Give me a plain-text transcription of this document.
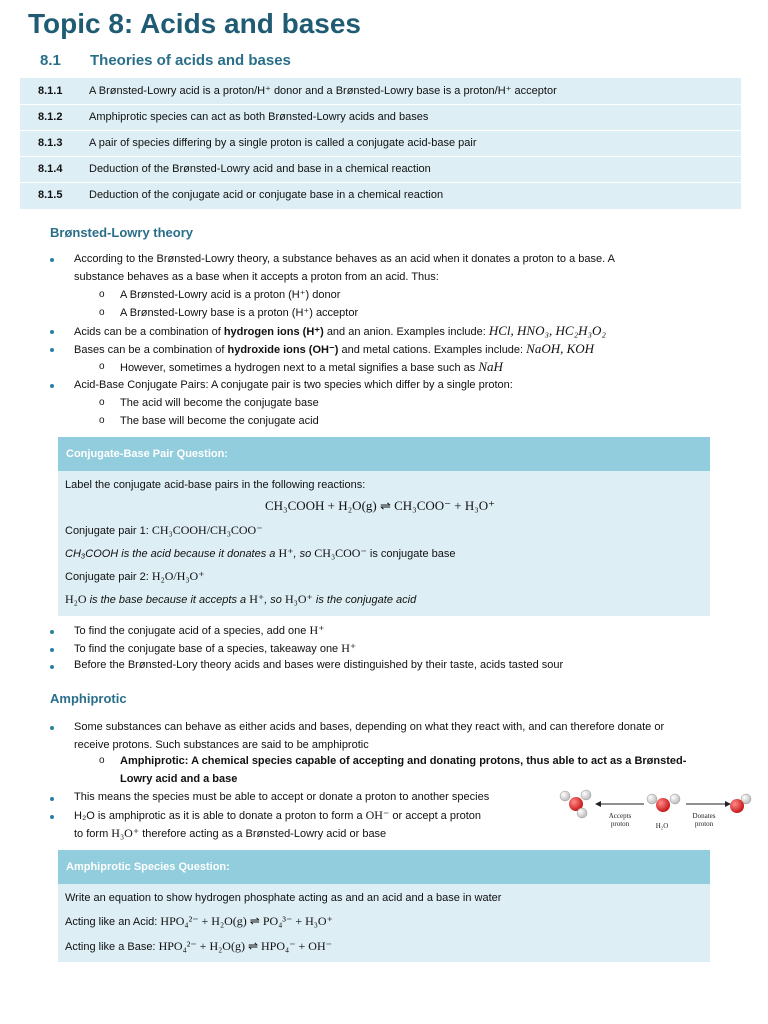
Topic 8: Acids and bases
8.1 Theories of acids and bases
8.1.1 A Brønsted-Lowry acid is a proton/H⁺ donor and a Brønsted-Lowry base is a proton/H⁺ acceptor
8.1.2 Amphiprotic species can act as both Brønsted-Lowry acids and bases
8.1.3 A pair of species differing by a single proton is called a conjugate acid-base pair
8.1.4 Deduction of the Brønsted-Lowry acid and base in a chemical reaction
8.1.5 Deduction of the conjugate acid or conjugate base in a chemical reaction
Brønsted-Lowry theory
According to the Brønsted-Lowry theory, a substance behaves as an acid when it donates a proton to a base. A
substance behaves as a base when it accepts a proton from an acid. Thus:
o A Brønsted-Lowry acid is a proton (H⁺) donor
o A Brønsted-Lowry base is a proton (H⁺) acceptor
Acids can be a combination of hydrogen ions (H⁺) and an anion. Examples include: HCl, HNO₃, HC₂H₃O₂
Bases can be a combination of hydroxide ions (OH⁻) and metal cations. Examples include: NaOH, KOH
o However, sometimes a hydrogen next to a metal signifies a base such as NaH
Acid-Base Conjugate Pairs: A conjugate pair is two species which differ by a single proton:
o The acid will become the conjugate base
o The base will become the conjugate acid
Conjugate-Base Pair Question:
Label the conjugate acid-base pairs in the following reactions:
CH₃COOH + H₂O(g) ⇌ CH₃COO⁻ + H₃O⁺
Conjugate pair 1: CH₃COOH/CH₃COO⁻
CH₃COOH is the acid because it donates a H⁺, so CH₃COO⁻ is conjugate base
Conjugate pair 2: H₂O/H₃O⁺
H₂O is the base because it accepts a H⁺, so H₃O⁺ is the conjugate acid
To find the conjugate acid of a species, add one H⁺
To find the conjugate base of a species, takeaway one H⁺
Before the Brønsted-Lory theory acids and bases were distinguished by their taste, acids tasted sour
Amphiprotic
Some substances can behave as either acids and bases, depending on what they react with, and can therefore donate or
receive protons. Such substances are said to be amphiprotic
o Amphiprotic: A chemical species capable of accepting and donating protons, thus able to act as a Brønsted-
Lowry acid and a base
This means the species must be able to accept or donate a proton to another species
H₂O is amphiprotic as it is able to donate a proton to form a OH⁻ or accept a proton
to form H₃O⁺ therefore acting as a Brønsted-Lowry acid or base
Accepts proton	H₂O
Donates proton
Amphiprotic Species Question:
Write an equation to show hydrogen phosphate acting as and an acid and a base in water
Acting like an Acid: HPO₄²⁻ + H₂O(g) ⇌ PO₄³⁻ + H₃O⁺
Acting like a Base: HPO₄²⁻ + H₂O(g) ⇌ HPO₄⁻ + OH⁻
